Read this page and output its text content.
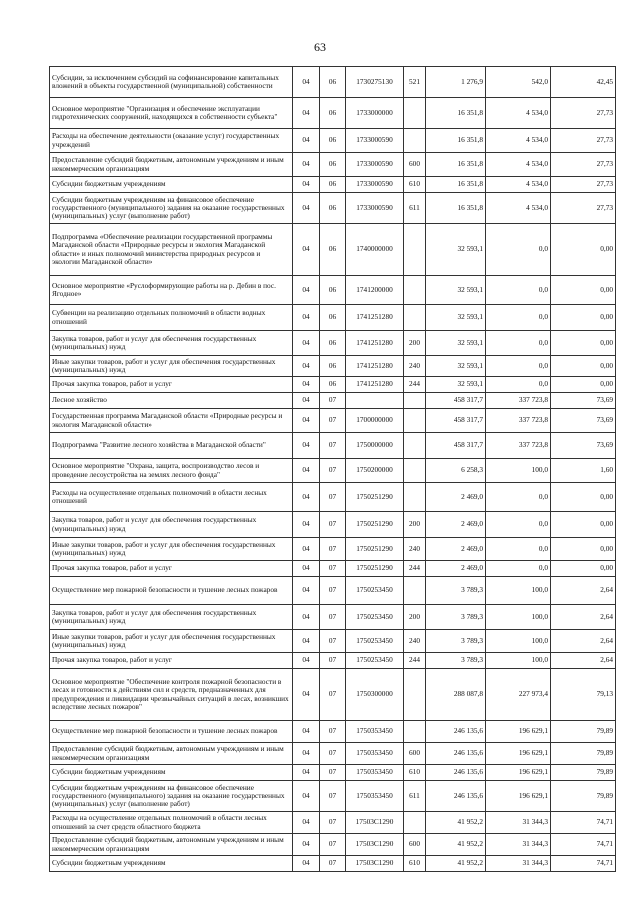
63
Субсидии, за исключением субсидий на софинансирование капитальных вложений в объекты государственной (муниципальной) собственности	04	06	1730275130	521	1 276,9	542,0	42,45
Основное мероприятие "Организация и обеспечение эксплуатации гидротехнических сооружений, находящихся в собственности субъекта"	04	06	1733000000		16 351,8	4 534,0	27,73
Расходы на обеспечение деятельности (оказание услуг) государственных учреждений	04	06	1733000590		16 351,8	4 534,0	27,73
Предоставление субсидий бюджетным, автономным учреждениям и иным некоммерческим организациям	04	06	1733000590	600	16 351,8	4 534,0	27,73
Субсидии бюджетным учреждениям	04	06	1733000590	610	16 351,8	4 534,0	27,73
Субсидии бюджетным учреждениям на финансовое обеспечение государственного (муниципального) задания на оказание государственных (муниципальных) услуг (выполнение работ)	04	06	1733000590	611	16 351,8	4 534,0	27,73
Подпрограмма «Обеспечение реализации государственной программы Магаданской области «Природные ресурсы и экология Магаданской области» и иных полномочий министерства природных ресурсов и экологии Магаданской области»	04	06	1740000000		32 593,1	0,0	0,00
Основное мероприятие «Руслоформирующие работы на р. Дебин в пос. Ягодное»	04	06	1741200000		32 593,1	0,0	0,00
Субвенции на реализацию отдельных полномочий в области водных отношений	04	06	1741251280		32 593,1	0,0	0,00
Закупка товаров, работ и услуг для обеспечения государственных (муниципальных) нужд	04	06	1741251280	200	32 593,1	0,0	0,00
Иные закупки товаров, работ и услуг для обеспечения государственных (муниципальных) нужд	04	06	1741251280	240	32 593,1	0,0	0,00
Прочая закупка товаров, работ и услуг	04	06	1741251280	244	32 593,1	0,0	0,00
Лесное хозяйство	04	07			458 317,7	337 723,8	73,69
Государственная программа Магаданской области «Природные ресурсы и экология Магаданской области»	04	07	1700000000		458 317,7	337 723,8	73,69
Подпрограмма "Развитие лесного хозяйства в Магаданской области"	04	07	1750000000		458 317,7	337 723,8	73,69
Основное мероприятие "Охрана, защита, воспроизводство лесов и проведение лесоустройства на землях лесного фонда"	04	07	1750200000		6 258,3	100,0	1,60
Расходы на осуществление отдельных полномочий в области лесных отношений	04	07	1750251290		2 469,0	0,0	0,00
Закупка товаров, работ и услуг для обеспечения государственных (муниципальных) нужд	04	07	1750251290	200	2 469,0	0,0	0,00
Иные закупки товаров, работ и услуг для обеспечения государственных (муниципальных) нужд	04	07	1750251290	240	2 469,0	0,0	0,00
Прочая закупка товаров, работ и услуг	04	07	1750251290	244	2 469,0	0,0	0,00
Осуществление мер пожарной безопасности и тушение лесных пожаров	04	07	1750253450		3 789,3	100,0	2,64
Закупка товаров, работ и услуг для обеспечения государственных (муниципальных) нужд	04	07	1750253450	200	3 789,3	100,0	2,64
Иные закупки товаров, работ и услуг для обеспечения государственных (муниципальных) нужд	04	07	1750253450	240	3 789,3	100,0	2,64
Прочая закупка товаров, работ и услуг	04	07	1750253450	244	3 789,3	100,0	2,64
Основное мероприятие "Обеспечение контроля пожарной безопасности в лесах и готовности к действиям сил и средств, предназначенных для предупреждения и ликвидации чрезвычайных ситуаций в лесах, возникших вследствие лесных пожаров"	04	07	1750300000		288 087,8	227 973,4	79,13
Осуществление мер пожарной безопасности и тушение лесных пожаров	04	07	1750353450		246 135,6	196 629,1	79,89
Предоставление субсидий бюджетным, автономным учреждениям и иным некоммерческим организациям	04	07	1750353450	600	246 135,6	196 629,1	79,89
Субсидии бюджетным учреждениям	04	07	1750353450	610	246 135,6	196 629,1	79,89
Субсидии бюджетным учреждениям на финансовое обеспечение государственного (муниципального) задания на оказание государственных (муниципальных) услуг (выполнение работ)	04	07	1750353450	611	246 135,6	196 629,1	79,89
Расходы на осуществление отдельных полномочий в области лесных отношений за счет средств областного бюджета	04	07	17503С1290		41 952,2	31 344,3	74,71
Предоставление субсидий бюджетным, автономным учреждениям и иным некоммерческим организациям	04	07	17503С1290	600	41 952,2	31 344,3	74,71
Субсидии бюджетным учреждениям	04	07	17503С1290	610	41 952,2	31 344,3	74,71
